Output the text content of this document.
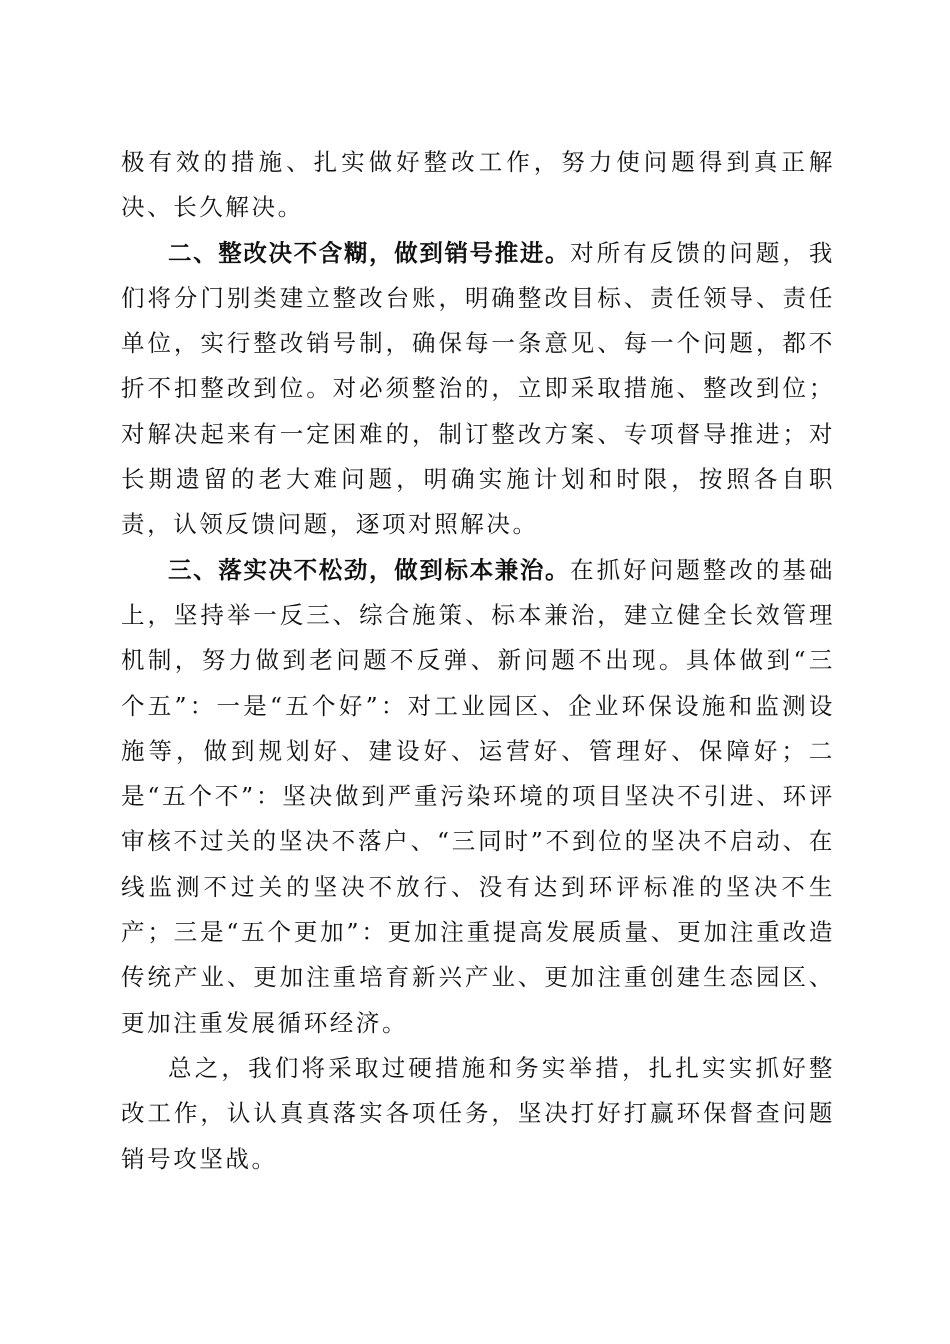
极有效的措施、扎实做好整改工作，努力使问题得到真正解决、长久解决。

二、整改决不含糊，做到销号推进。对所有反馈的问题，我们将分门别类建立整改台账，明确整改目标、责任领导、责任单位，实行整改销号制，确保每一条意见、每一个问题，都不折不扣整改到位。对必须整治的，立即采取措施、整改到位；对解决起来有一定困难的，制订整改方案、专项督导推进；对长期遗留的老大难问题，明确实施计划和时限，按照各自职责，认领反馈问题，逐项对照解决。

三、落实决不松劲，做到标本兼治。在抓好问题整改的基础上，坚持举一反三、综合施策、标本兼治，建立健全长效管理机制，努力做到老问题不反弹、新问题不出现。具体做到“三个五”：一是“五个好”：对工业园区、企业环保设施和监测设施等，做到规划好、建设好、运营好、管理好、保障好；二是“五个不”：坚决做到严重污染环境的项目坚决不引进、环评审核不过关的坚决不落户、“三同时”不到位的坚决不启动、在线监测不过关的坚决不放行、没有达到环评标准的坚决不生产；三是“五个更加”：更加注重提高发展质量、更加注重改造传统产业、更加注重培育新兴产业、更加注重创建生态园区、更加注重发展循环经济。

总之，我们将采取过硬措施和务实举措，扎扎实实抓好整改工作，认认真真落实各项任务，坚决打好打赢环保督查问题销号攻坚战。
